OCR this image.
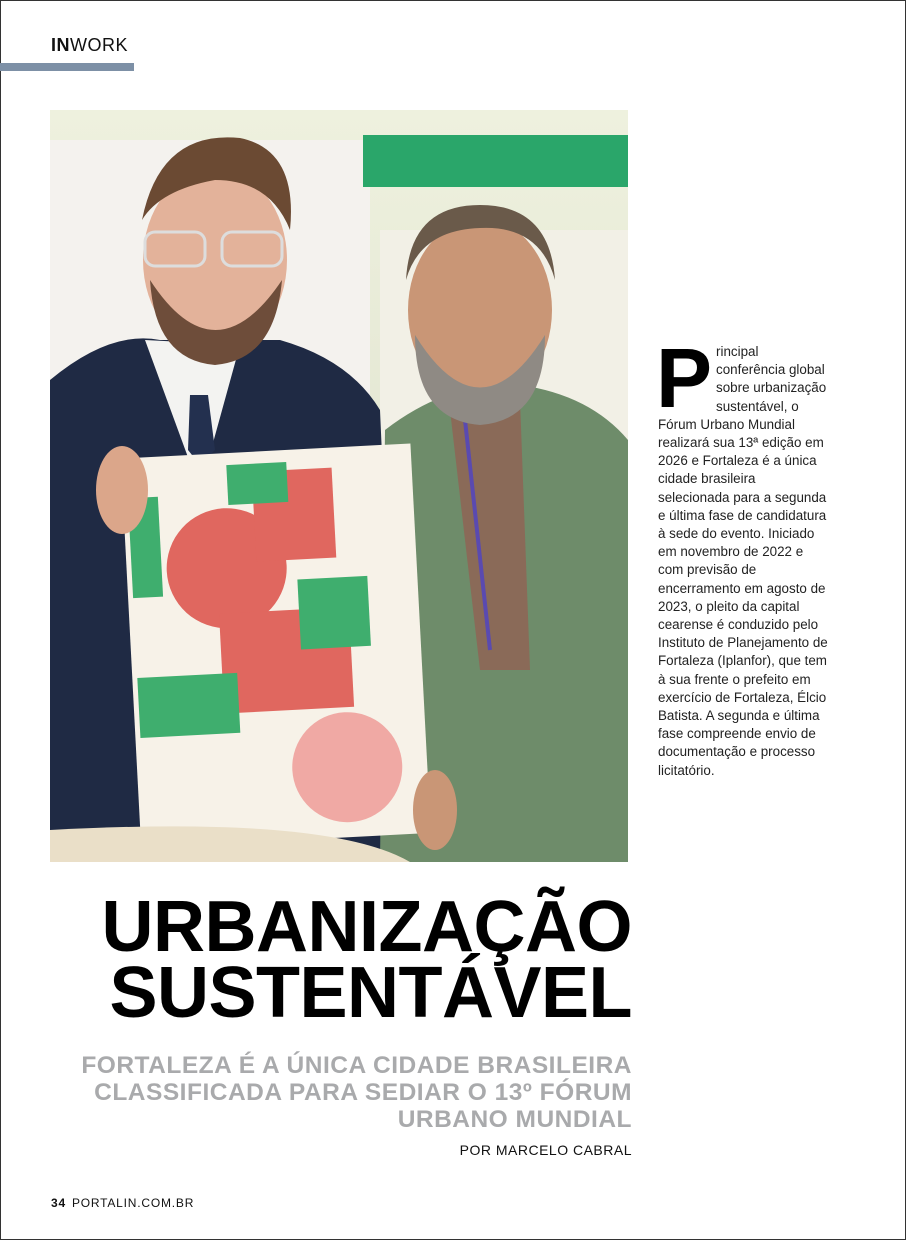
INWORK
Principal conferência global sobre urbanização sustentável, o Fórum Urbano Mundial realizará sua 13ª edição em 2026 e Fortaleza é a única cidade brasileira selecionada para a segunda e última fase de candidatura à sede do evento. Iniciado em novembro de 2022 e com previsão de encerramento em agosto de 2023, o pleito da capital cearense é conduzido pelo Instituto de Planejamento de Fortaleza (Iplanfor), que tem à sua frente o prefeito em exercício de Fortaleza, Élcio Batista. A segunda e última fase compreende envio de documentação e processo licitatório.
URBANIZAÇÃO
SUSTENTÁVEL
FORTALEZA É A ÚNICA CIDADE BRASILEIRA
CLASSIFICADA PARA SEDIAR O 13º FÓRUM
URBANO MUNDIAL
POR MARCELO CABRAL
34 PORTALIN.COM.BR
